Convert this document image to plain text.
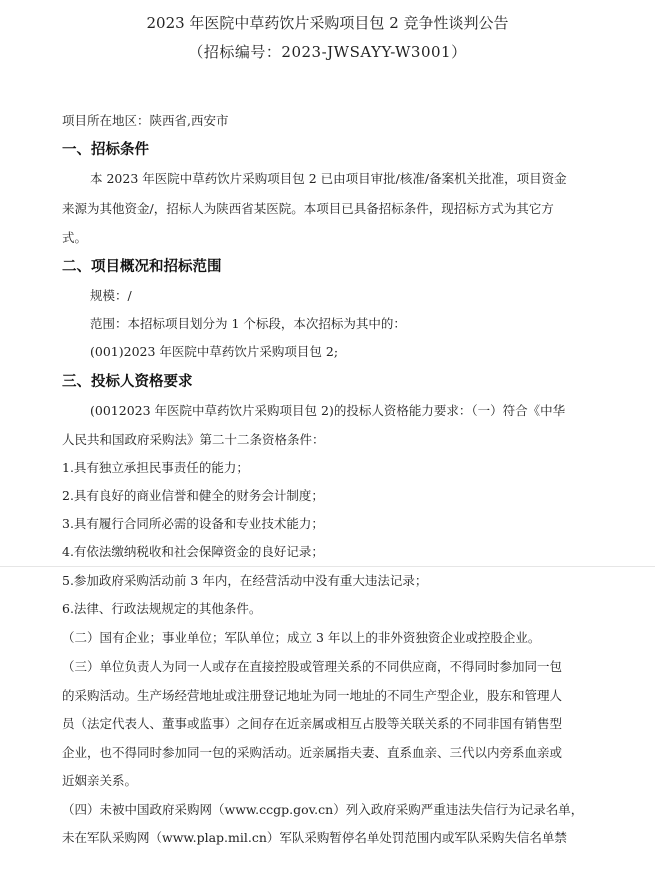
2023 年医院中草药饮片采购项目包 2 竞争性谈判公告
（招标编号：2023-JWSAYY-W3001）
项目所在地区：陕西省,西安市
一、招标条件
本 2023 年医院中草药饮片采购项目包 2 已由项目审批/核准/备案机关批准，项目资金
来源为其他资金/，招标人为陕西省某医院。本项目已具备招标条件，现招标方式为其它方
式。
二、项目概况和招标范围
规模：/
范围：本招标项目划分为 1 个标段，本次招标为其中的：
(001)2023 年医院中草药饮片采购项目包 2;
三、投标人资格要求
(0012023 年医院中草药饮片采购项目包 2)的投标人资格能力要求：（一）符合《中华
人民共和国政府采购法》第二十二条资格条件：
1.具有独立承担民事责任的能力；
2.具有良好的商业信誉和健全的财务会计制度；
3.具有履行合同所必需的设备和专业技术能力；
4.有依法缴纳税收和社会保障资金的良好记录；
5.参加政府采购活动前 3 年内，在经营活动中没有重大违法记录；
6.法律、行政法规规定的其他条件。
（二）国有企业；事业单位；军队单位；成立 3 年以上的非外资独资企业或控股企业。
（三）单位负责人为同一人或存在直接控股或管理关系的不同供应商，不得同时参加同一包
的采购活动。生产场经营地址或注册登记地址为同一地址的不同生产型企业，股东和管理人
员（法定代表人、董事或监事）之间存在近亲属或相互占股等关联关系的不同非国有销售型
企业，也不得同时参加同一包的采购活动。近亲属指夫妻、直系血亲、三代以内旁系血亲或
近姻亲关系。
（四）未被中国政府采购网（www.ccgp.gov.cn）列入政府采购严重违法失信行为记录名单，
未在军队采购网（www.plap.mil.cn）军队采购暂停名单处罚范围内或军队采购失信名单禁
